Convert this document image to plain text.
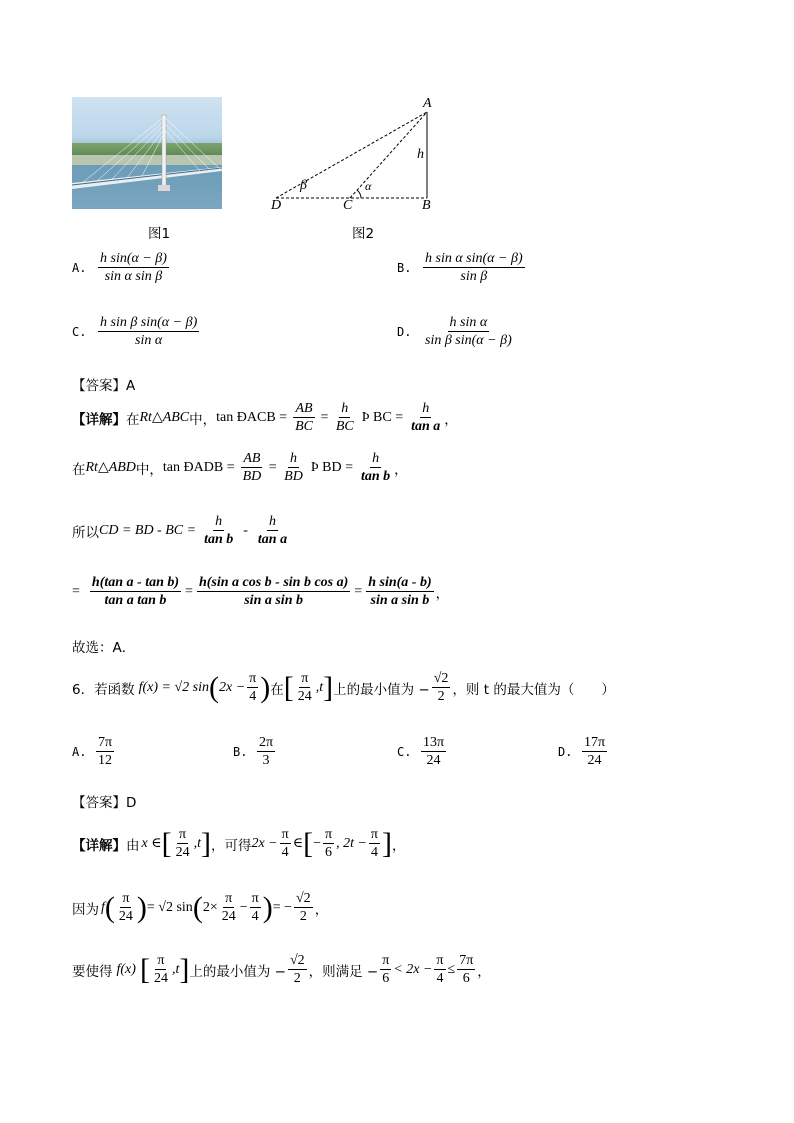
图1
A
h
β	α
D	C	B
图2
A. $\frac{\text{h sin(α − β)}}{\text{sin α sin β}}$	B. $\frac{\text{h sin α sin(α − β)}}{\text{sin β}}$
C. $\frac{\text{h sin β sin(α − β)}}{\text{sin α}}$	D. $\frac{\text{h sin α}}{\text{sin β sin(α − β)}}$
【答案】A
【详解】 在 Rt△ABC 中， tan ÐACB = $\frac{AB}{BC} = \frac{h}{BC}$ Þ BC = $\frac{h}{\text{tan a}}$ ，
在 Rt△ABD 中， tan ÐADB = $\frac{AB}{BD} = \frac{h}{BD}$ Þ BD = $\frac{h}{\text{tan b}}$ ，
所以 CD = BD - BC = $\frac{h}{\text{tan b}} - \frac{h}{\text{tan a}}$
= $\frac{\text{h(tan a - tan b)}}{\text{tan a tan b}} = \frac{\text{h(sin a cos b - sin b cos a)}}{\text{sin a sin b}} = \frac{\text{h sin(a - b)}}{\text{sin a sin b}}$ ，
故选：A．
6．若函数 f(x) = √2 sin ( $2x - \frac{\pi}{4}$ ) 在 [ $\frac{\pi}{24} ,t$ ] 上的最小值为 − $\frac{√2}{2}$ ，则 t 的最大值为（　　）
A. $\frac{7\pi}{12}$	B. $\frac{2\pi}{3}$	C. $\frac{13\pi}{24}$	D. $\frac{17\pi}{24}$
【答案】D
【详解】 由 x ∈ [ $\frac{\pi}{24} ,t$ ] ，可得 $2x - \frac{\pi}{4}$ ∈ [ − $\frac{\pi}{6}$ , $2t - \frac{\pi}{4}$ ] ，
因为 f ( $\frac{\pi}{24}$ ) = √2 sin ( $2\times \frac{\pi}{24} - \frac{\pi}{4}$ ) = − $\frac{√2}{2}$ ，
要使得 f(x) [ $\frac{\pi}{24} ,t$ ] 上的最小值为 − $\frac{√2}{2}$ ，则满足 − $\frac{\pi}{6} < 2x - \frac{\pi}{4} \le \frac{7\pi}{6}$ ，
